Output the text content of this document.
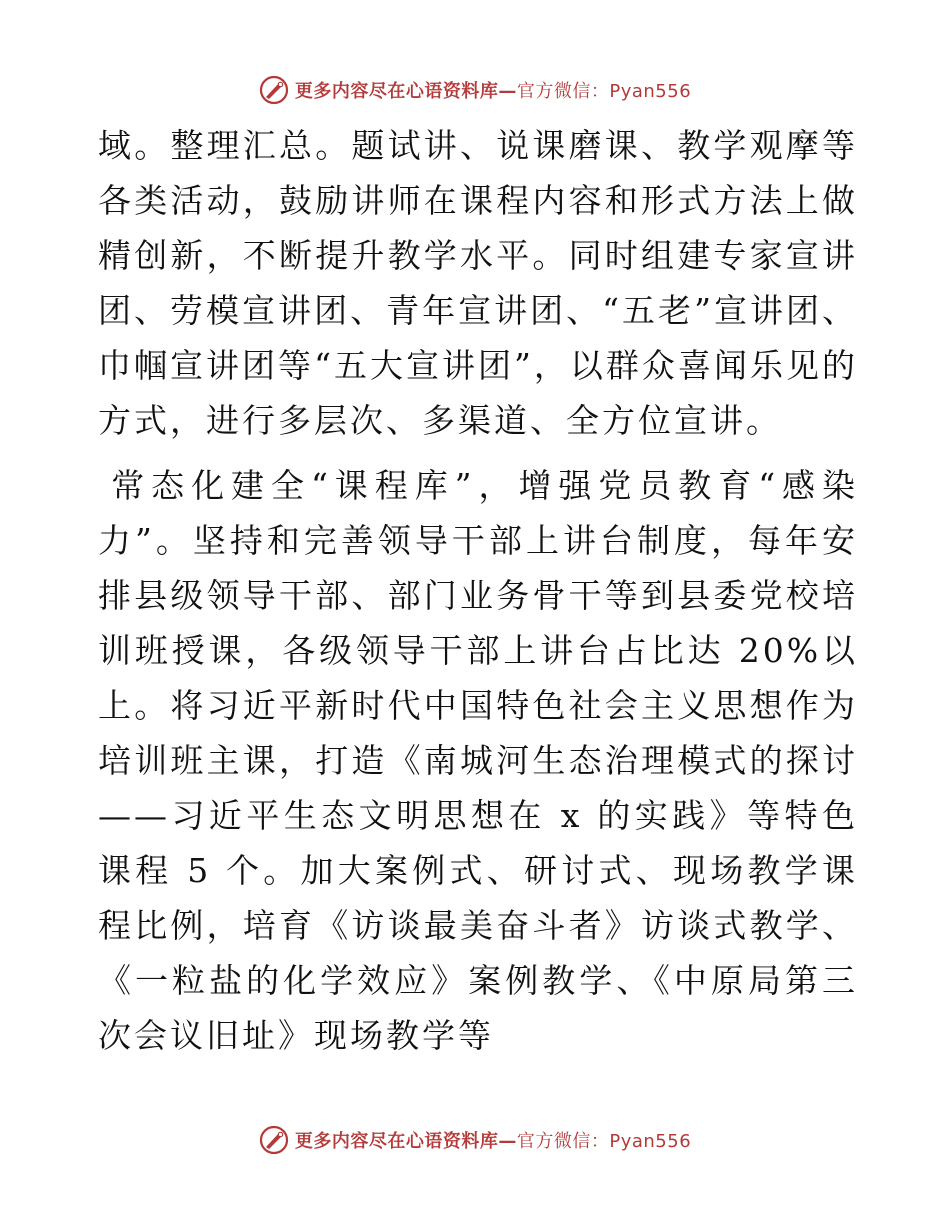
更多内容尽在心语资料库—官方微信：Pyan556

域。整理汇总。题试讲、说课磨课、教学观摩等各类活动，鼓励讲师在课程内容和形式方法上做精创新，不断提升教学水平。同时组建专家宣讲团、劳模宣讲团、青年宣讲团、“五老”宣讲团、巾帼宣讲团等“五大宣讲团”，以群众喜闻乐见的方式，进行多层次、多渠道、全方位宣讲。

常态化建全“课程库”，增强党员教育“感染力”。坚持和完善领导干部上讲台制度，每年安排县级领导干部、部门业务骨干等到县委党校培训班授课，各级领导干部上讲台占比达 20%以上。将习近平新时代中国特色社会主义思想作为培训班主课，打造《南城河生态治理模式的探讨——习近平生态文明思想在 x 的实践》等特色课程 5 个。加大案例式、研讨式、现场教学课程比例，培育《访谈最美奋斗者》访谈式教学、《一粒盐的化学效应》案例教学、《中原局第三次会议旧址》现场教学等

更多内容尽在心语资料库—官方微信：Pyan556
